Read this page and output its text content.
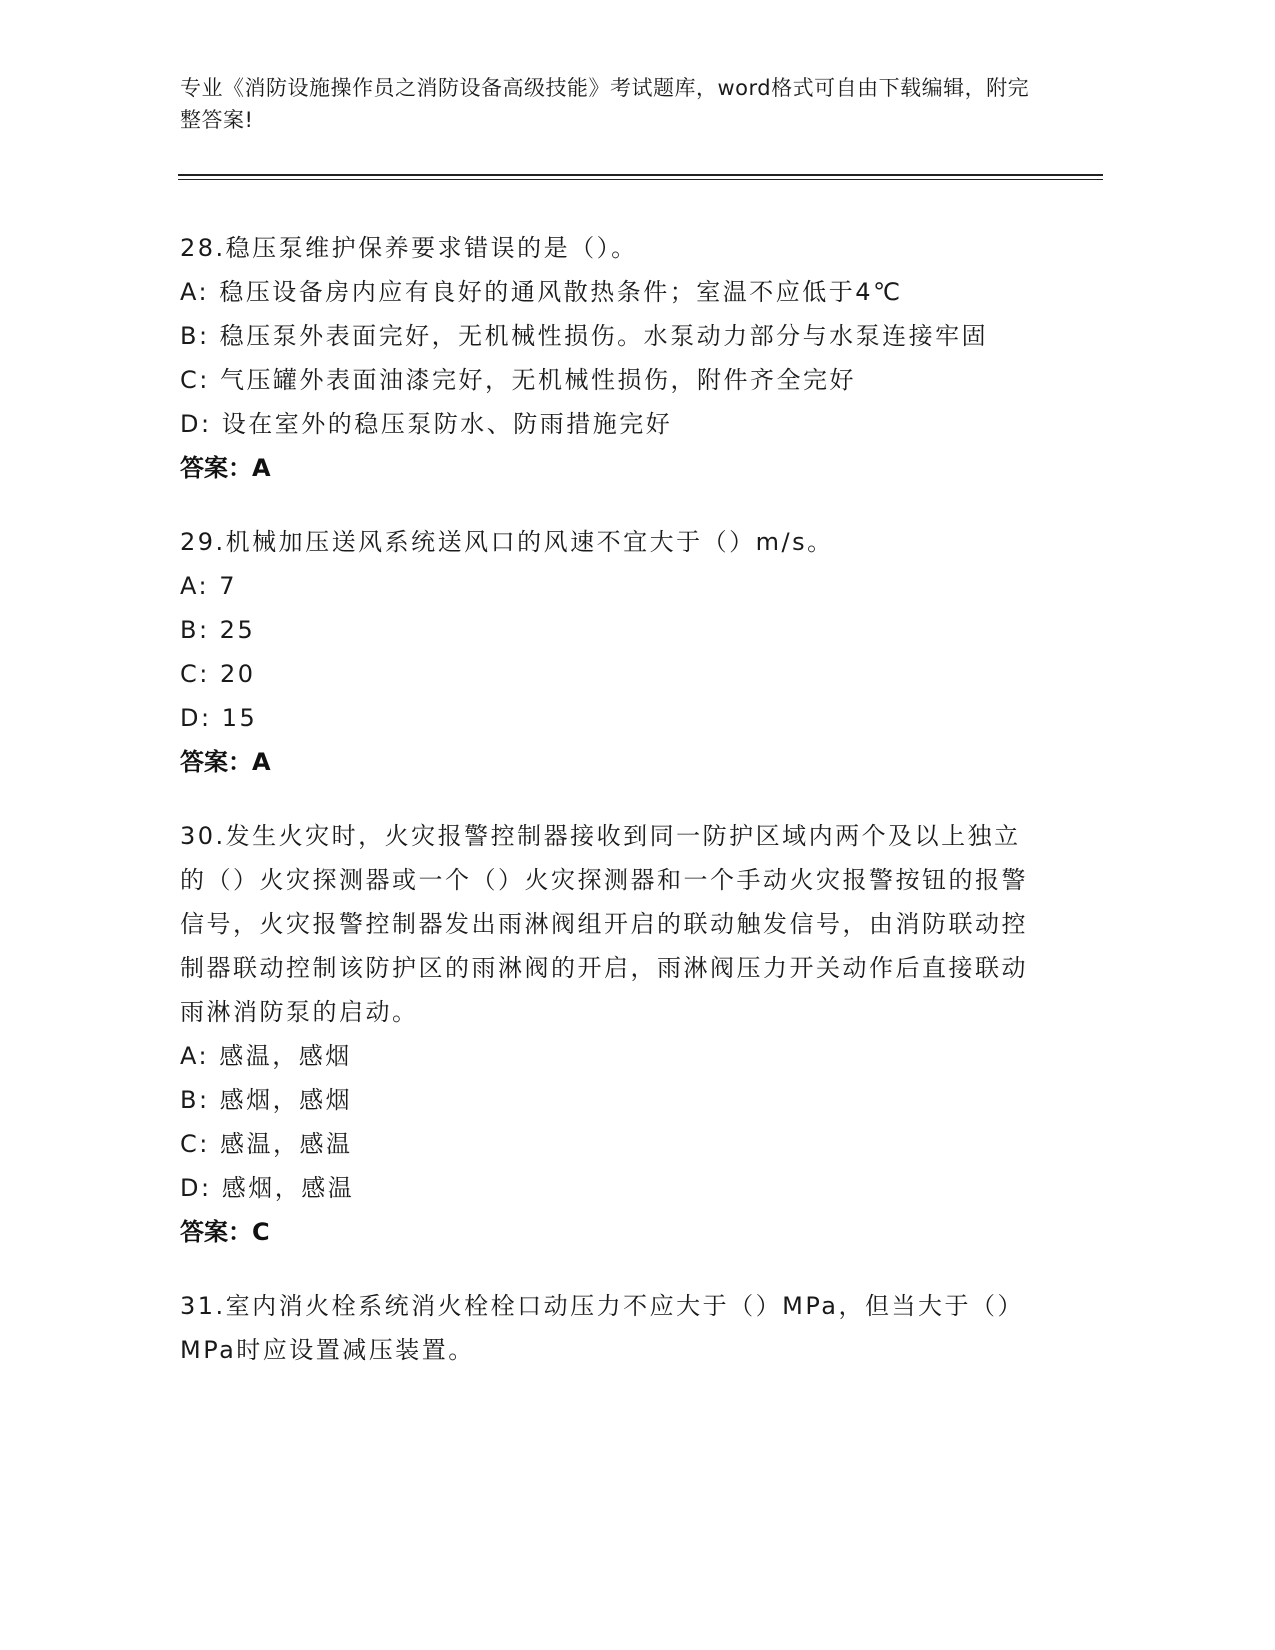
专业《消防设施操作员之消防设备高级技能》考试题库，word格式可自由下载编辑，附完整答案!

28.稳压泵维护保养要求错误的是（）。

A: 稳压设备房内应有良好的通风散热条件；室温不应低于4℃

B: 稳压泵外表面完好，无机械性损伤。水泵动力部分与水泵连接牢固

C: 气压罐外表面油漆完好，无机械性损伤，附件齐全完好

D: 设在室外的稳压泵防水、防雨措施完好

答案：A

29.机械加压送风系统送风口的风速不宜大于（）m/s。

A: 7

B: 25

C: 20

D: 15

答案：A

30.发生火灾时，火灾报警控制器接收到同一防护区域内两个及以上独立的（）火灾探测器或一个（）火灾探测器和一个手动火灾报警按钮的报警信号，火灾报警控制器发出雨淋阀组开启的联动触发信号，由消防联动控制器联动控制该防护区的雨淋阀的开启，雨淋阀压力开关动作后直接联动雨淋消防泵的启动。

A: 感温，感烟

B: 感烟，感烟

C: 感温，感温

D: 感烟，感温

答案：C

31.室内消火栓系统消火栓栓口动压力不应大于（）MPa，但当大于（）MPa时应设置减压装置。
